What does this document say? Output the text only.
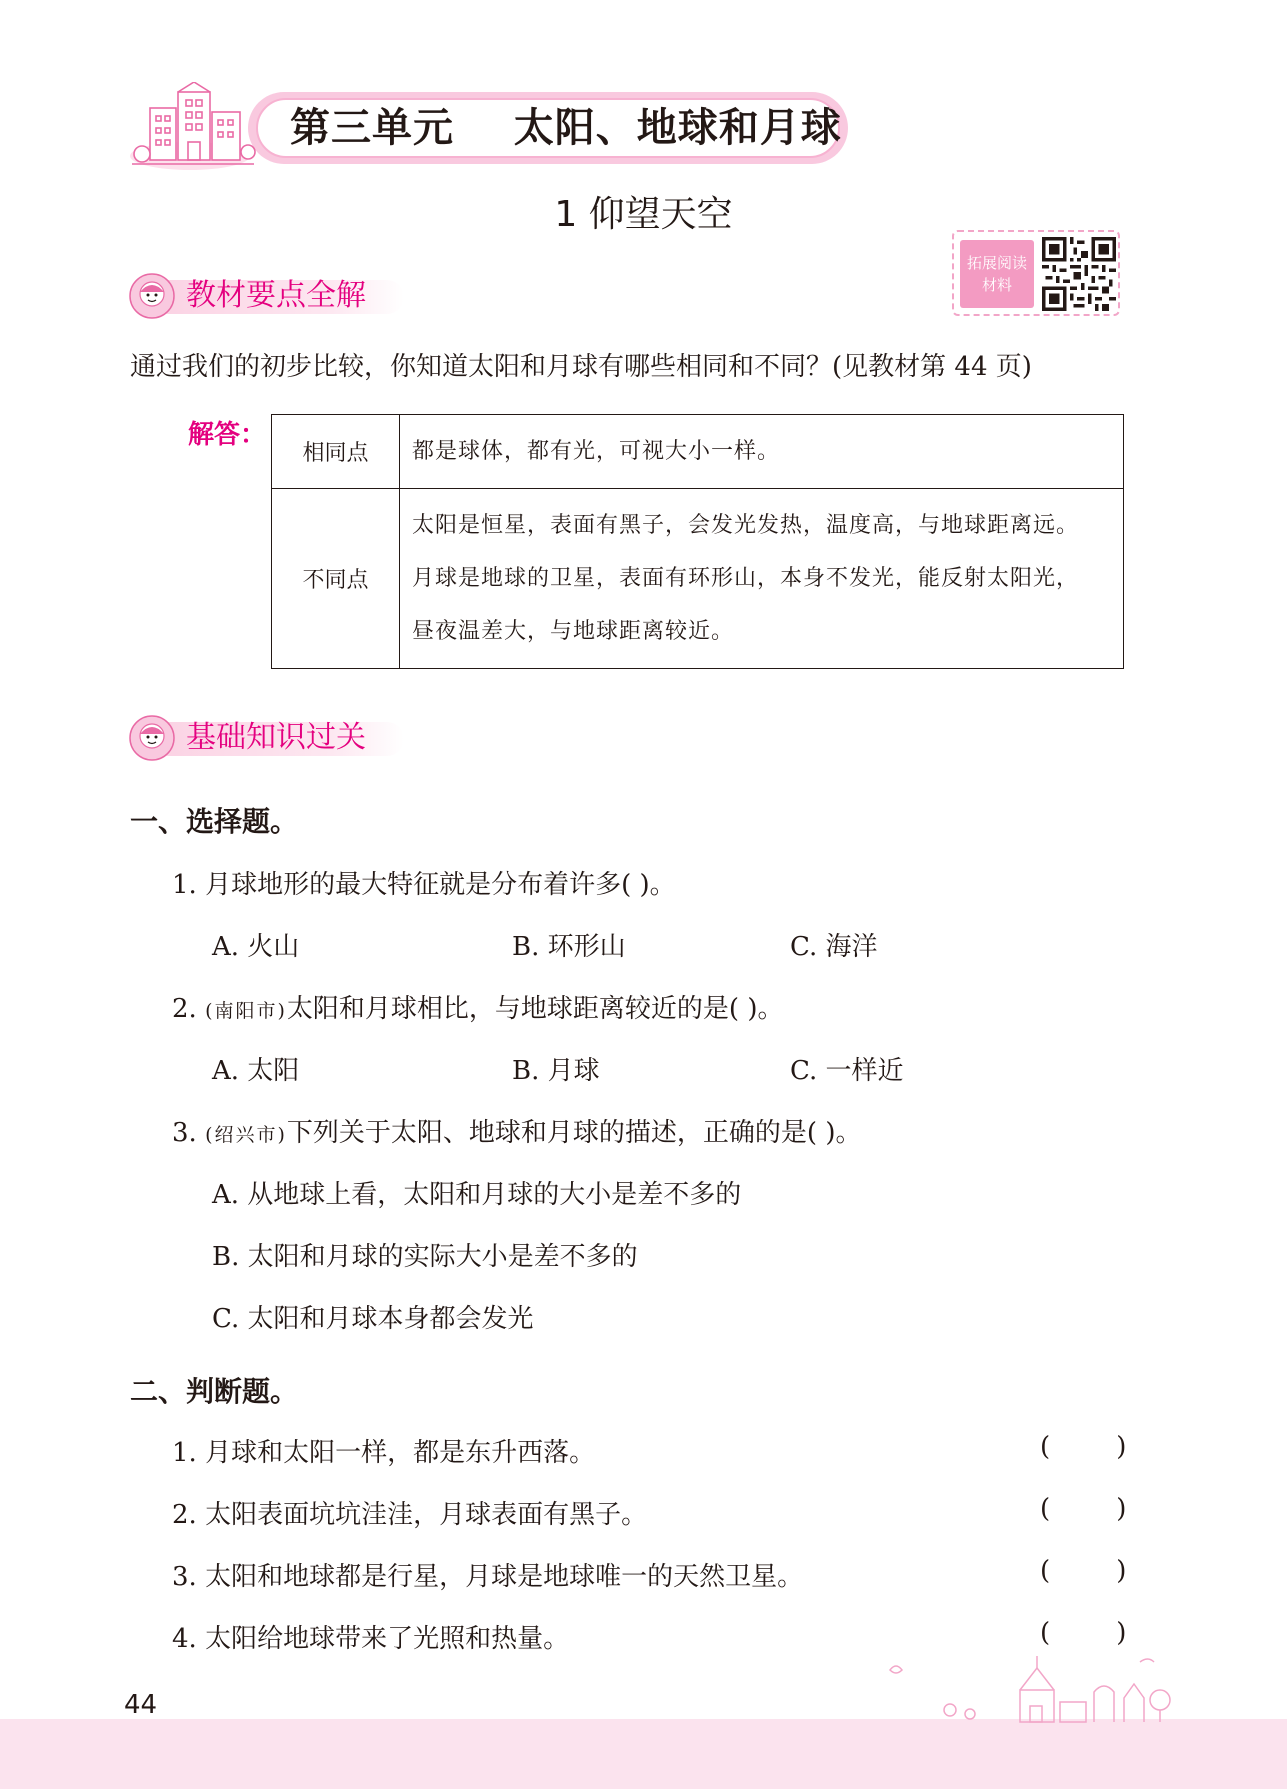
第三单元    太阳、地球和月球
1 仰望天空
拓展阅读
材料
教材要点全解
通过我们的初步比较，你知道太阳和月球有哪些相同和不同？(见教材第 44 页)
解答：
相同点	都是球体，都有光，可视大小一样。

不同点	太阳是恒星，表面有黑子，会发光发热，温度高，与地球距离远。
月球是地球的卫星，表面有环形山，本身不发光，能反射太阳光，
昼夜温差大，与地球距离较近。
基础知识过关
一、选择题。
1. 月球地形的最大特征就是分布着许多( )。
A. 火山	B. 环形山	C. 海洋
2. (南阳市)太阳和月球相比，与地球距离较近的是( )。
A. 太阳	B. 月球	C. 一样近
3. (绍兴市)下列关于太阳、地球和月球的描述，正确的是( )。
A. 从地球上看，太阳和月球的大小是差不多的
B. 太阳和月球的实际大小是差不多的
C. 太阳和月球本身都会发光
二、判断题。
1. 月球和太阳一样，都是东升西落。	(        )
2. 太阳表面坑坑洼洼，月球表面有黑子。	(        )
3. 太阳和地球都是行星，月球是地球唯一的天然卫星。	(        )
4. 太阳给地球带来了光照和热量。	(        )
44
